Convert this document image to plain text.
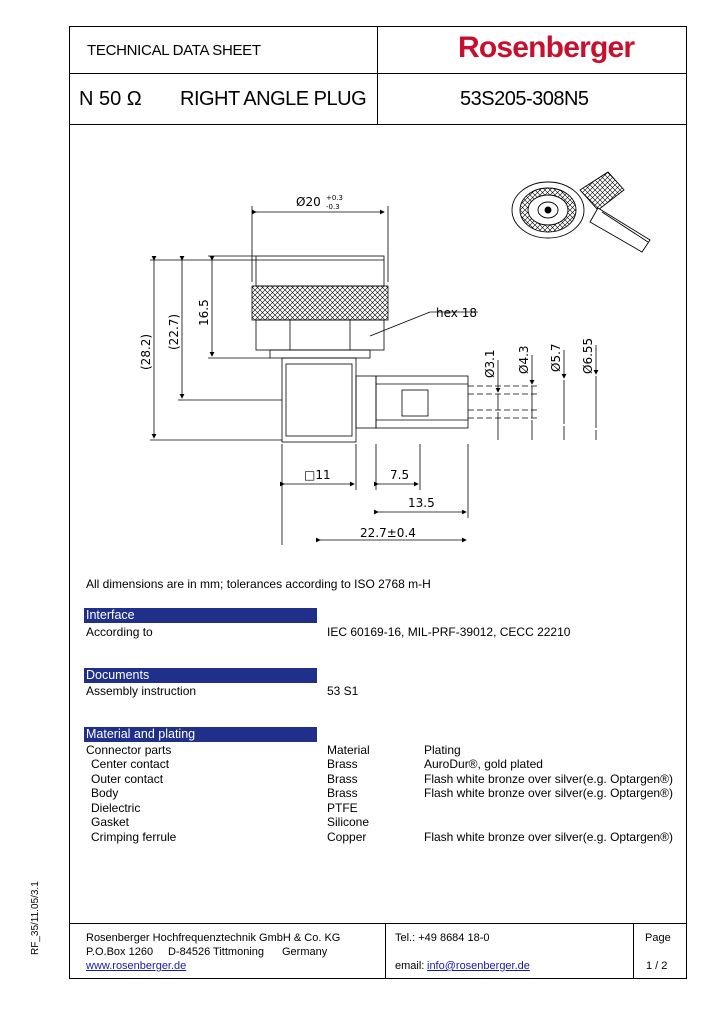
TECHNICAL DATA SHEET	Rosenberger
N 50 Ω RIGHT ANGLE PLUG	53S205-308N5
Ø20 +0.3
-0.3
16.5
(22.7)
(28.2)
hex 18
Ø3.1 Ø4.3 Ø5.7 Ø6.55
□11	7.5
13.5
22.7±0.4
All dimensions are in mm; tolerances according to ISO 2768 m-H
Interface
According to	IEC 60169-16, MIL-PRF-39012, CECC 22210
Documents
Assembly instruction	53 S1
Material and plating
Connector parts	Material	Plating
Center contact	Brass	AuroDur®, gold plated
Outer contact	Brass	Flash white bronze over silver(e.g. Optargen®)
Body	Brass	Flash white bronze over silver(e.g. Optargen®)
Dielectric	PTFE
Gasket	Silicone
Crimping ferrule	Copper	Flash white bronze over silver(e.g. Optargen®)
Rosenberger Hochfrequenztechnik GmbH & Co. KG
P.O.Box 1260 D-84526 Tittmoning Germany
www.rosenberger.de
Tel.: +49 8684 18-0
email: info@rosenberger.de
Page
1 / 2
RF_35/11.05/3.1
